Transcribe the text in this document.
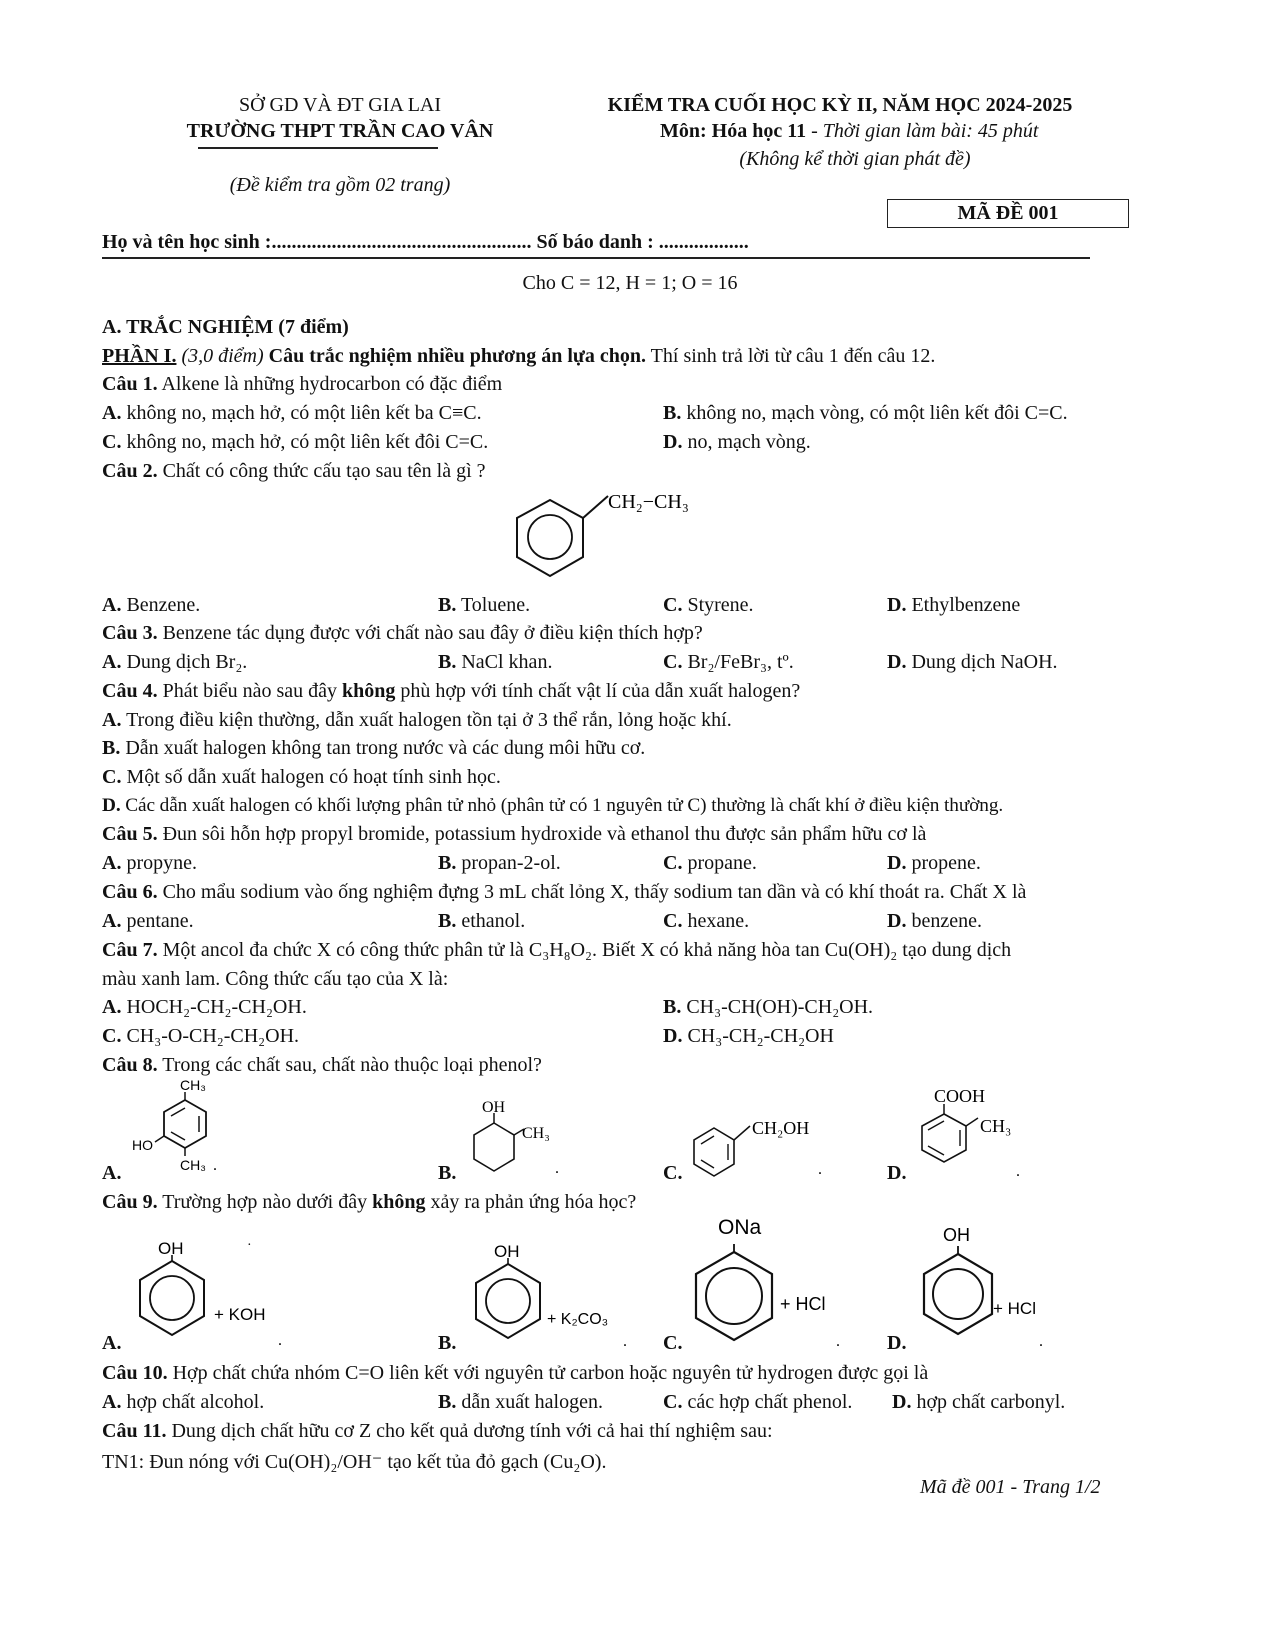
SỞ GD VÀ ĐT GIA LAI
TRƯỜNG THPT TRẦN CAO VÂN
(Đề kiểm tra gồm 02 trang)
KIỂM TRA CUỐI HỌC KỲ II, NĂM HỌC 2024-2025
Môn: Hóa học 11 - Thời gian làm bài: 45 phút
(Không kể thời gian phát đề)
MÃ ĐỀ 001
Họ và tên học sinh :.................................................... Số báo danh : ..................
Cho C = 12, H = 1; O = 16
A. TRẮC NGHIỆM (7 điểm)
PHẦN I. (3,0 điểm) Câu trắc nghiệm nhiều phương án lựa chọn. Thí sinh trả lời từ câu 1 đến câu 12.
Câu 1. Alkene là những hydrocarbon có đặc điểm
A. không no, mạch hở, có một liên kết ba C≡C.	B. không no, mạch vòng, có một liên kết đôi C=C.
C. không no, mạch hở, có một liên kết đôi C=C.	D. no, mạch vòng.
Câu 2. Chất có công thức cấu tạo sau tên là gì ?
CH₂−CH₃
A. Benzene.	B. Toluene.	C. Styrene.	D. Ethylbenzene
Câu 3. Benzene tác dụng được với chất nào sau đây ở điều kiện thích hợp?
A. Dung dịch Br₂.	B. NaCl khan.	C. Br₂/FeBr₃, tº.	D. Dung dịch NaOH.
Câu 4. Phát biểu nào sau đây không phù hợp với tính chất vật lí của dẫn xuất halogen?
A. Trong điều kiện thường, dẫn xuất halogen tồn tại ở 3 thể rắn, lỏng hoặc khí.
B. Dẫn xuất halogen không tan trong nước và các dung môi hữu cơ.
C. Một số dẫn xuất halogen có hoạt tính sinh học.
D. Các dẫn xuất halogen có khối lượng phân tử nhỏ (phân tử có 1 nguyên tử C) thường là chất khí ở điều kiện thường.
Câu 5. Đun sôi hỗn hợp propyl bromide, potassium hydroxide và ethanol thu được sản phẩm hữu cơ là
A. propyne.	B. propan-2-ol.	C. propane.	D. propene.
Câu 6. Cho mẩu sodium vào ống nghiệm đựng 3 mL chất lỏng X, thấy sodium tan dần và có khí thoát ra. Chất X là
A. pentane.	B. ethanol.	C. hexane.	D. benzene.
Câu 7. Một ancol đa chức X có công thức phân tử là C₃H₈O₂. Biết X có khả năng hòa tan Cu(OH)₂ tạo dung dịch
màu xanh lam. Công thức cấu tạo của X là:
A. HOCH₂-CH₂-CH₂OH.	B. CH₃-CH(OH)-CH₂OH.
C. CH₃-O-CH₂-CH₂OH.	D. CH₃-CH₂-CH₂OH
Câu 8. Trong các chất sau, chất nào thuộc loại phenol?
A.
CH₃
HO
CH₃ .	B.
OH
CH₃
.	C.
CH₂OH
.	D.
COOH
CH₃
.
Câu 9. Trường hợp nào dưới đây không xảy ra phản ứng hóa học?
A.
·
OH
+ KOH
.	B.
OH
+ K₂CO₃
. C.
ONa
+ HCl
. D.
OH
+ HCl
.
Câu 10. Hợp chất chứa nhóm C=O liên kết với nguyên tử carbon hoặc nguyên tử hydrogen được gọi là
A. hợp chất alcohol.	B. dẫn xuất halogen.	C. các hợp chất phenol. D. hợp chất carbonyl.
Câu 11. Dung dịch chất hữu cơ Z cho kết quả dương tính với cả hai thí nghiệm sau:
TN1: Đun nóng với Cu(OH)₂/OH⁻ tạo kết tủa đỏ gạch (Cu₂O).
Mã đề 001 - Trang 1/2
